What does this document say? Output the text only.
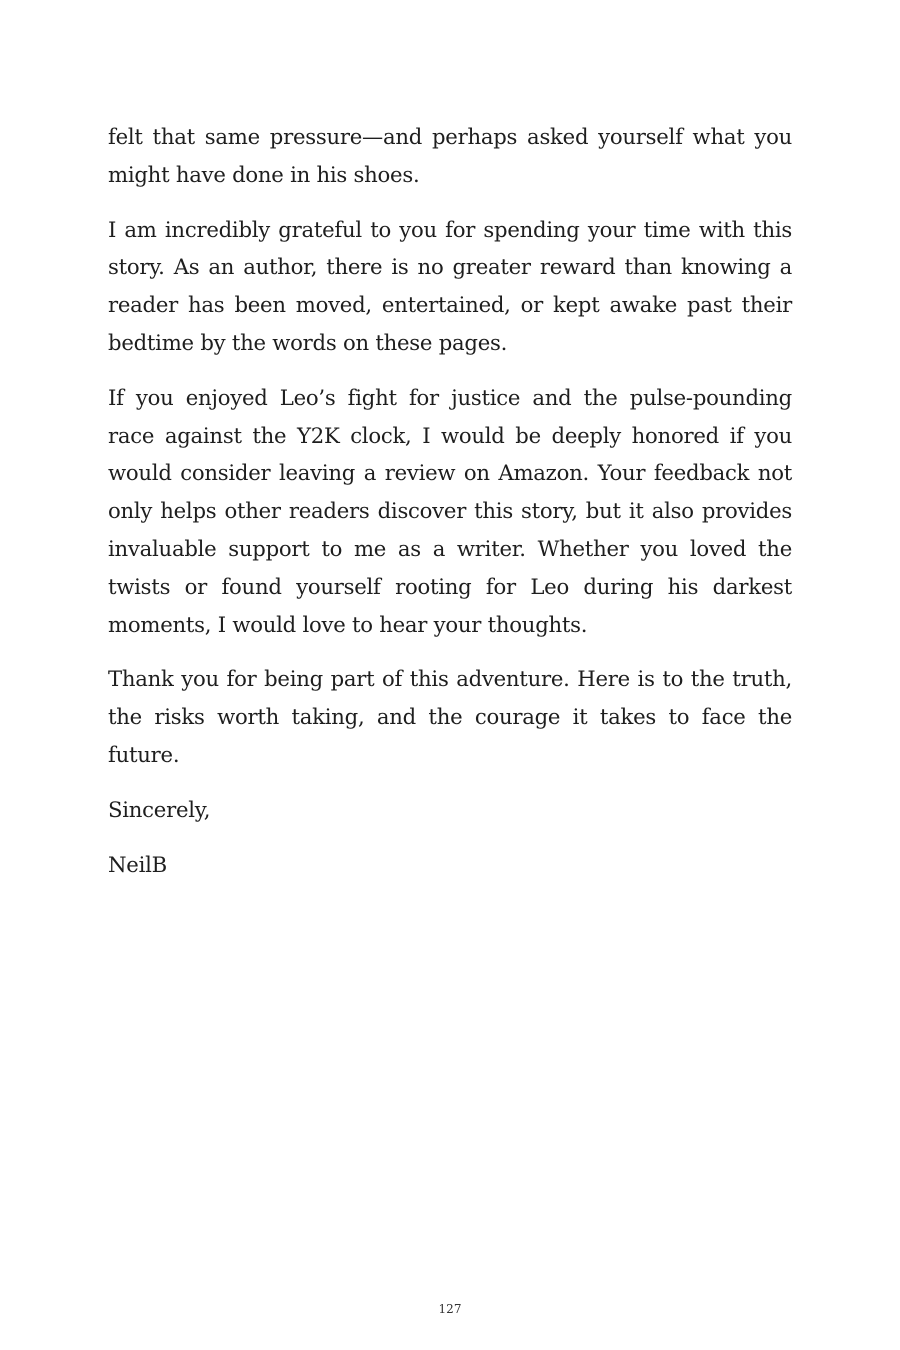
felt that same pressure—and perhaps asked yourself what you might have done in his shoes.

I am incredibly grateful to you for spending your time with this story. As an author, there is no greater reward than knowing a reader has been moved, entertained, or kept awake past their bedtime by the words on these pages.

If you enjoyed Leo’s fight for justice and the pulse-pounding race against the Y2K clock, I would be deeply honored if you would consider leaving a review on Amazon. Your feedback not only helps other readers discover this story, but it also provides invaluable support to me as a writer. Whether you loved the twists or found yourself rooting for Leo during his darkest moments, I would love to hear your thoughts.

Thank you for being part of this adventure. Here is to the truth, the risks worth taking, and the courage it takes to face the future.

Sincerely,

NeilB

127
